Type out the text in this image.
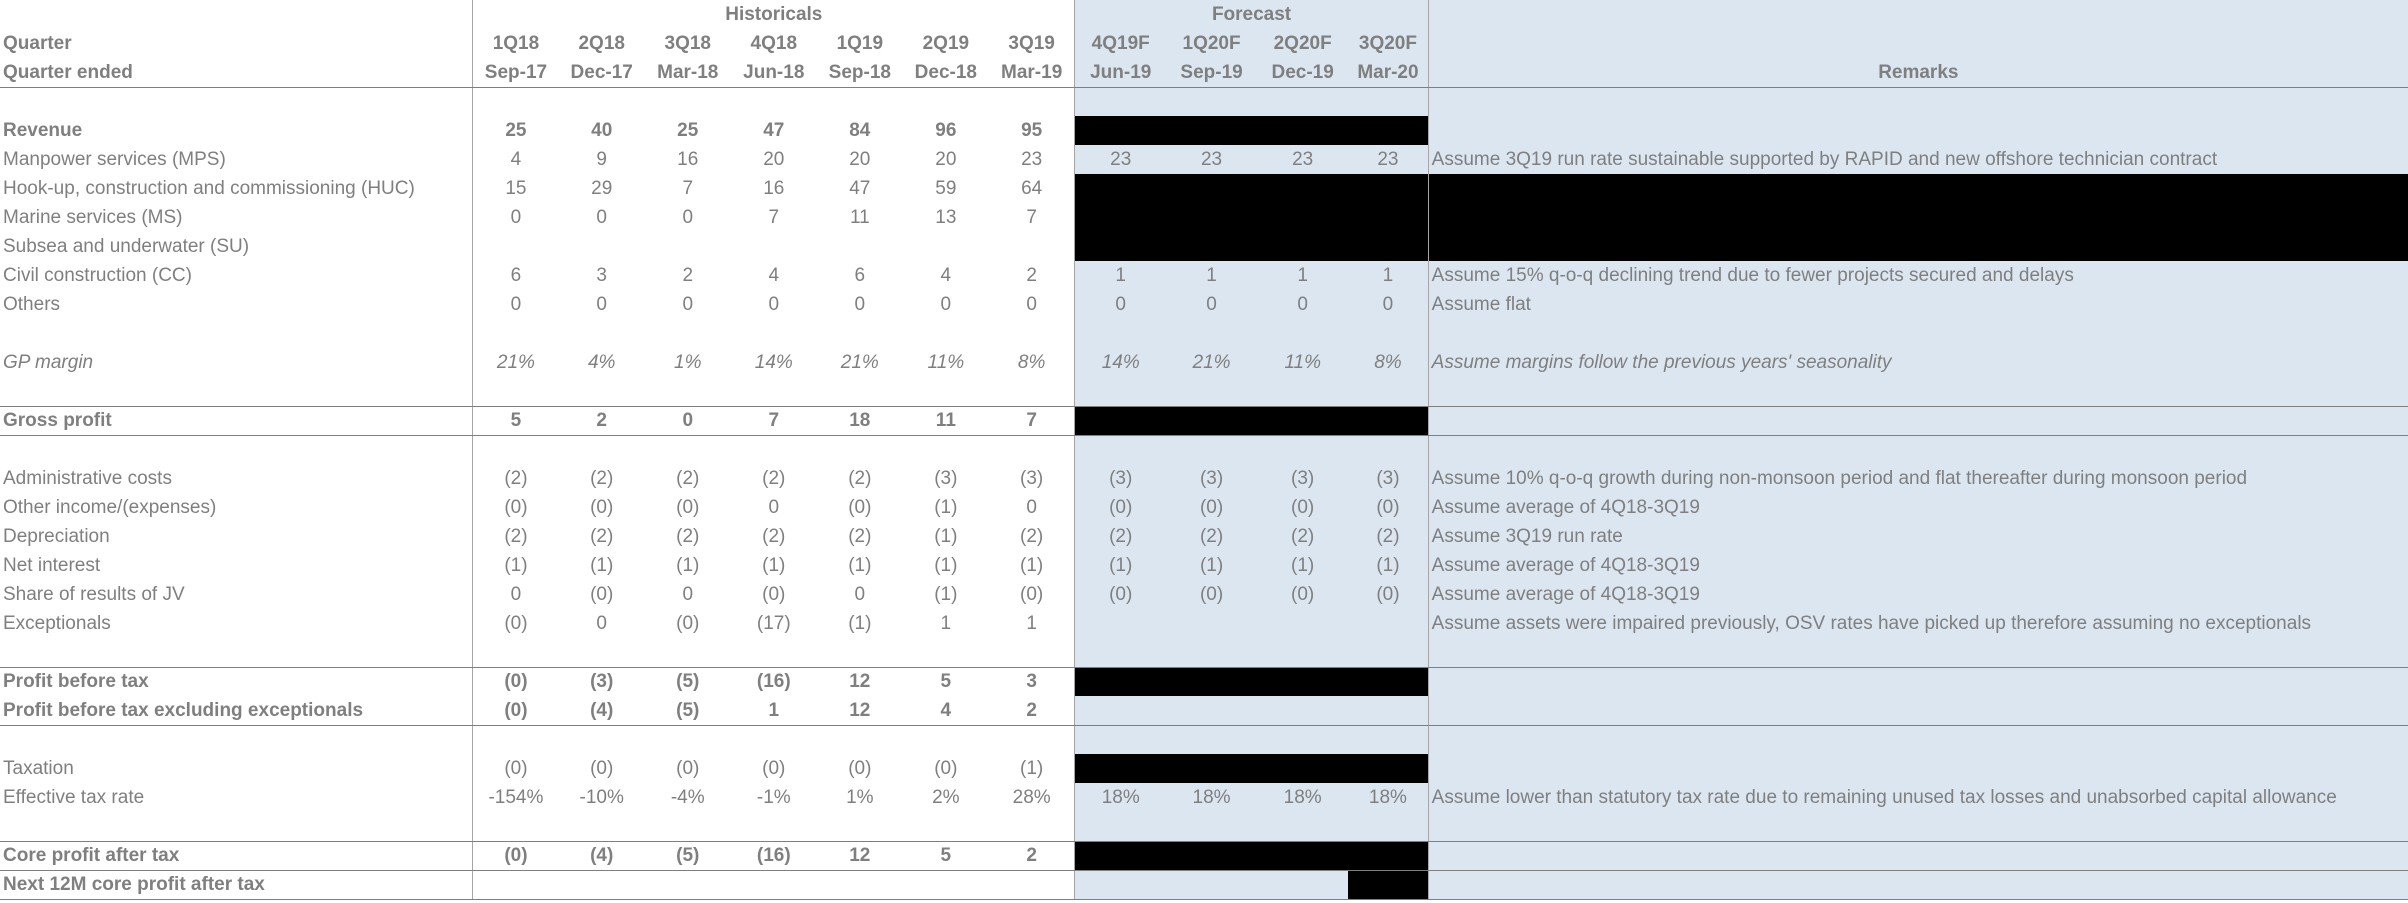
	Historicals							Forecast				
Quarter	1Q18	2Q18	3Q18	4Q18	1Q19	2Q19	3Q19	4Q19F	1Q20F	2Q20F	3Q20F	
Quarter ended	Sep-17	Dec-17	Mar-18	Jun-18	Sep-18	Dec-18	Mar-19	Jun-19	Sep-19	Dec-19	Mar-20	Remarks

Revenue	25	40	25	47	84	96	95					
Manpower services (MPS)	4	9	16	20	20	20	23	23	23	23	23	Assume 3Q19 run rate sustainable supported by RAPID and new offshore technician contract
Hook-up, construction and commissioning (HUC)	15	29	7	16	47	59	64					
Marine services (MS)	0	0	0	7	11	13	7					
Subsea and underwater (SU)												
Civil construction (CC)	6	3	2	4	6	4	2	1	1	1	1	Assume 15% q-o-q declining trend due to fewer projects secured and delays
Others	0	0	0	0	0	0	0	0	0	0	0	Assume flat

GP margin	21%	4%	1%	14%	21%	11%	8%	14%	21%	11%	8%	Assume margins follow the previous years' seasonality

Gross profit	5	2	0	7	18	11	7					

Administrative costs	(2)	(2)	(2)	(2)	(2)	(3)	(3)	(3)	(3)	(3)	(3)	Assume 10% q-o-q growth during non-monsoon period and flat thereafter during monsoon period
Other income/(expenses)	(0)	(0)	(0)	0	(0)	(1)	0	(0)	(0)	(0)	(0)	Assume average of 4Q18-3Q19
Depreciation	(2)	(2)	(2)	(2)	(2)	(1)	(2)	(2)	(2)	(2)	(2)	Assume 3Q19 run rate
Net interest	(1)	(1)	(1)	(1)	(1)	(1)	(1)	(1)	(1)	(1)	(1)	Assume average of 4Q18-3Q19
Share of results of JV	0	(0)	0	(0)	0	(1)	(0)	(0)	(0)	(0)	(0)	Assume average of 4Q18-3Q19
Exceptionals	(0)	0	(0)	(17)	(1)	1	1					Assume assets were impaired previously, OSV rates have picked up therefore assuming no exceptionals

Profit before tax	(0)	(3)	(5)	(16)	12	5	3					
Profit before tax excluding exceptionals	(0)	(4)	(5)	1	12	4	2					

Taxation	(0)	(0)	(0)	(0)	(0)	(0)	(1)					
Effective tax rate	-154%	-10%	-4%	-1%	1%	2%	28%	18%	18%	18%	18%	Assume lower than statutory tax rate due to remaining unused tax losses and unabsorbed capital allowance

Core profit after tax	(0)	(4)	(5)	(16)	12	5	2					
Next 12M core profit after tax												
